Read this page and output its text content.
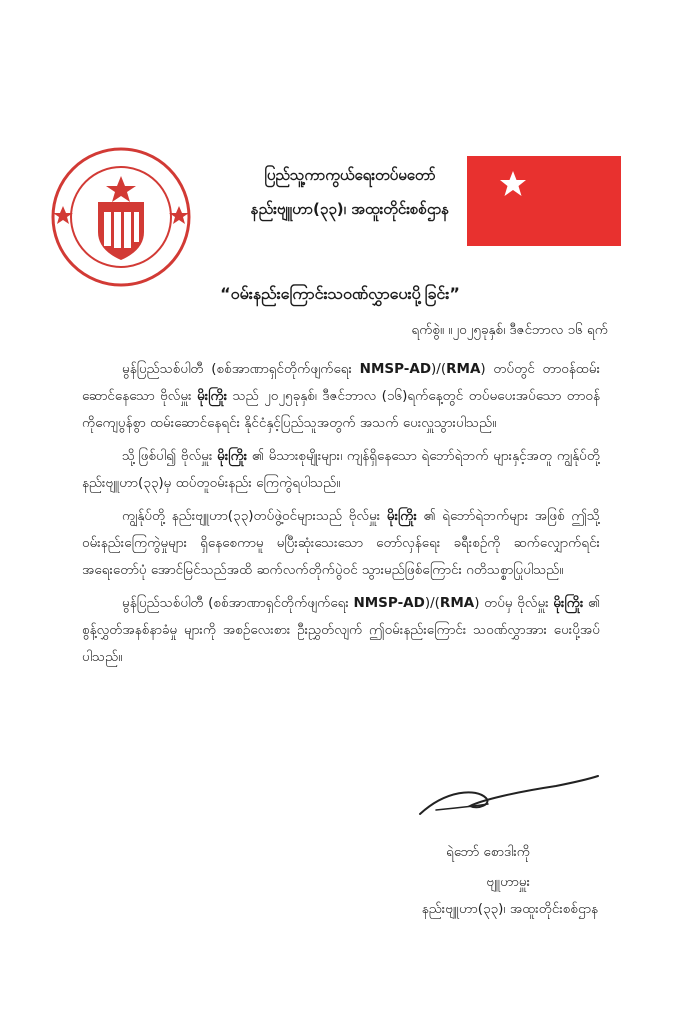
ပြည်သူ့ကာကွယ်ရေးတပ်မတော်
နည်းဗျူဟာ(၃၃)၊ အထူးတိုင်းစစ်ဌာန
“ဝမ်းနည်းကြောင်းသဝဏ်လွှာပေးပို့ခြင်း”
ရက်စွဲ။ ။၂၀၂၅ခုနှစ်၊ ဒီဇင်ဘာလ ၁၆ ရက်

မွန်ပြည်သစ်ပါတီ (စစ်အာဏာရှင်တိုက်ဖျက်ရေး NMSP-AD)/(RMA) တပ်တွင် တာဝန်ထမ်းဆောင်နေသော ဗိုလ်မှူး မိုးကြိုး သည် ၂၀၂၅ခုနှစ်၊ ဒီဇင်ဘာလ (၁၆)ရက်နေ့တွင် တပ်မပေးအပ်သော တာဝန်ကိုကျေပွန်စွာ ထမ်းဆောင်နေရင်း နိုင်ငံနှင့်ပြည်သူအတွက် အသက် ပေးလှူသွားပါသည်။

သို့ဖြစ်ပါ၍ ဗိုလ်မှူး မိုးကြိုး ၏ မိသားစုမျိုးများ၊ ကျန်ရှိနေသော ရဲဘော်ရဲဘက် များနှင့်အတူ ကျွန်ုပ်တို့ နည်းဗျူဟာ(၃၃)မှ ထပ်တူဝမ်းနည်း ကြေကွဲရပါသည်။

ကျွန်ုပ်တို့ နည်းဗျူဟာ(၃၃)တပ်ဖွဲ့ဝင်များသည် ဗိုလ်မှူး မိုးကြိုး ၏ ရဲဘော်ရဲဘက်များ အဖြစ် ဤသို့ ဝမ်းနည်းကြေကွဲမှုများ ရှိနေစေကာမူ မပြီးဆုံးသေးသော တော်လှန်ရေး ခရီးစဉ်ကို ဆက်လျှောက်ရင်း အရေးတော်ပုံ အောင်မြင်သည်အထိ ဆက်လက်တိုက်ပွဲဝင် သွားမည်ဖြစ်ကြောင်း ဂတိသစ္စာပြုပါသည်။

မွန်ပြည်သစ်ပါတီ (စစ်အာဏာရှင်တိုက်ဖျက်ရေး NMSP-AD)/(RMA) တပ်မှ ဗိုလ်မှူး မိုးကြိုး ၏ စွန့်လွှတ်အနစ်နာခံမှု များကို အစဉ်လေးစား ဦးညွှတ်လျက် ဤဝမ်းနည်းကြောင်း သဝဏ်လွှာအား ပေးပို့အပ်ပါသည်။

ရဲဘော် စောဒါးကို
ဗျူဟာမှူး
နည်းဗျူဟာ(၃၃)၊ အထူးတိုင်းစစ်ဌာန
